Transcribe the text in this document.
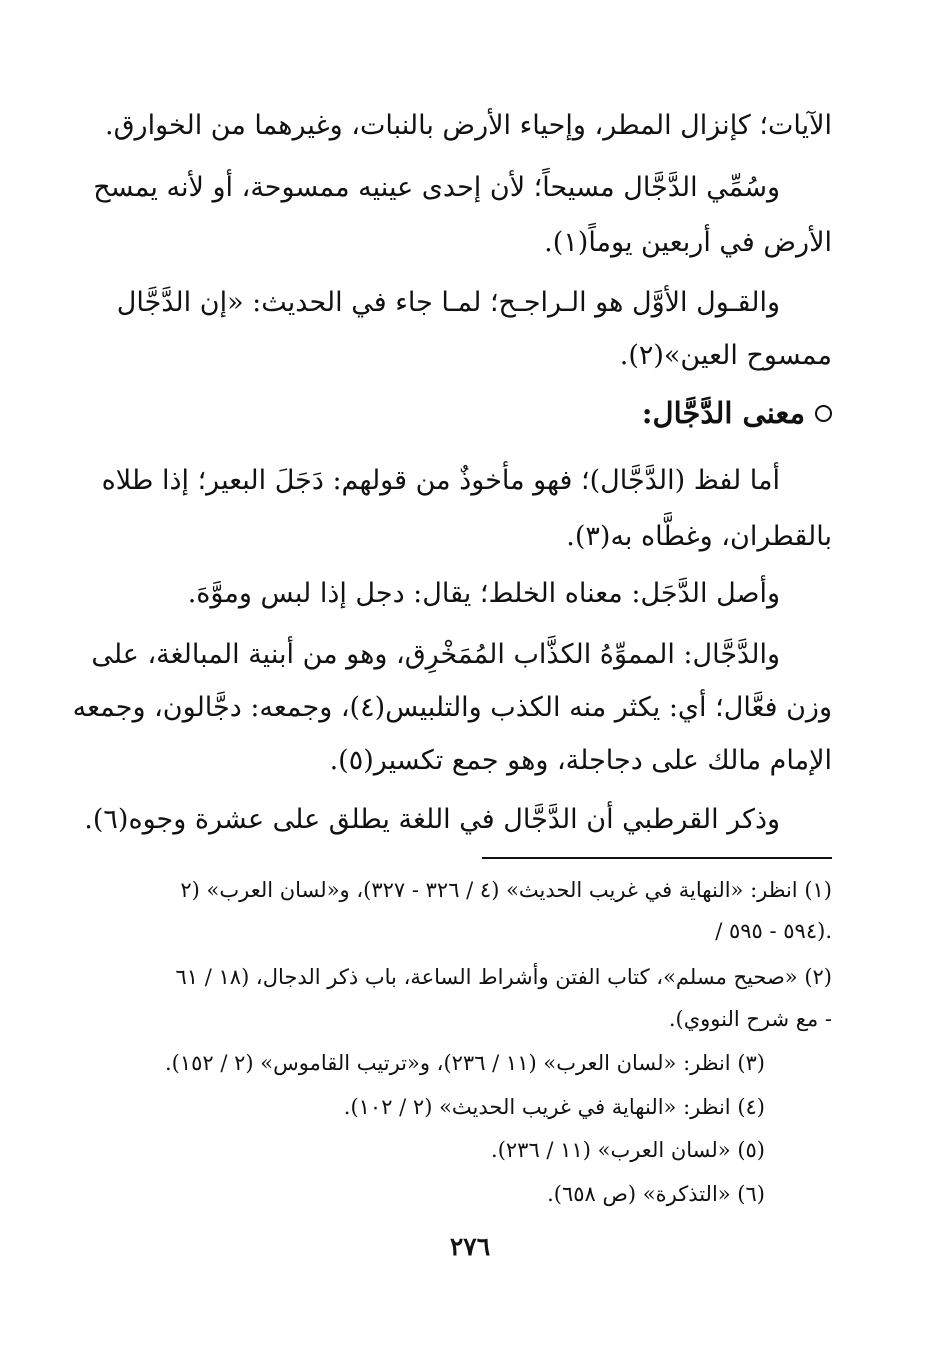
الآيات؛ كإنزال المطر، وإحياء الأرض بالنبات، وغيرهما من الخوارق.
وسُمِّي الدَّجَّال مسيحاً؛ لأن إحدى عينيه ممسوحة، أو لأنه يمسح
الأرض في أربعين يوماً(١).
والقـول الأوَّل هو الـراجـح؛ لمـا جاء في الحديث: «إن الدَّجَّال
ممسوح العين»(٢).
معنى الدَّجَّال:
أما لفظ (الدَّجَّال)؛ فهو مأخوذٌ من قولهم: دَجَلَ البعير؛ إذا طلاه
بالقطران، وغطَّاه به(٣).
وأصل الدَّجَل: معناه الخلط؛ يقال: دجل إذا لبس وموَّهَ.
والدَّجَّال: المموِّهُ الكذَّاب المُمَخْرِق، وهو من أبنية المبالغة، على
وزن فعَّال؛ أي: يكثر منه الكذب والتلبيس(٤)، وجمعه: دجَّالون، وجمعه
الإمام مالك على دجاجلة، وهو جمع تكسير(٥).
وذكر القرطبي أن الدَّجَّال في اللغة يطلق على عشرة وجوه(٦).
(١) انظر: «النهاية في غريب الحديث» (٤ / ٣٢٦ - ٣٢٧)، و«لسان العرب» (٢
/ ٥٩٤ - ٥٩٥).
(٢) «صحيح مسلم»، كتاب الفتن وأشراط الساعة، باب ذكر الدجال، (١٨ / ٦١
- مع شرح النووي).
(٣) انظر: «لسان العرب» (١١ / ٢٣٦)، و«ترتيب القاموس» (٢ / ١٥٢).
(٤) انظر: «النهاية في غريب الحديث» (٢ / ١٠٢).
(٥) «لسان العرب» (١١ / ٢٣٦).
(٦) «التذكرة» (ص ٦٥٨).
٢٧٦
